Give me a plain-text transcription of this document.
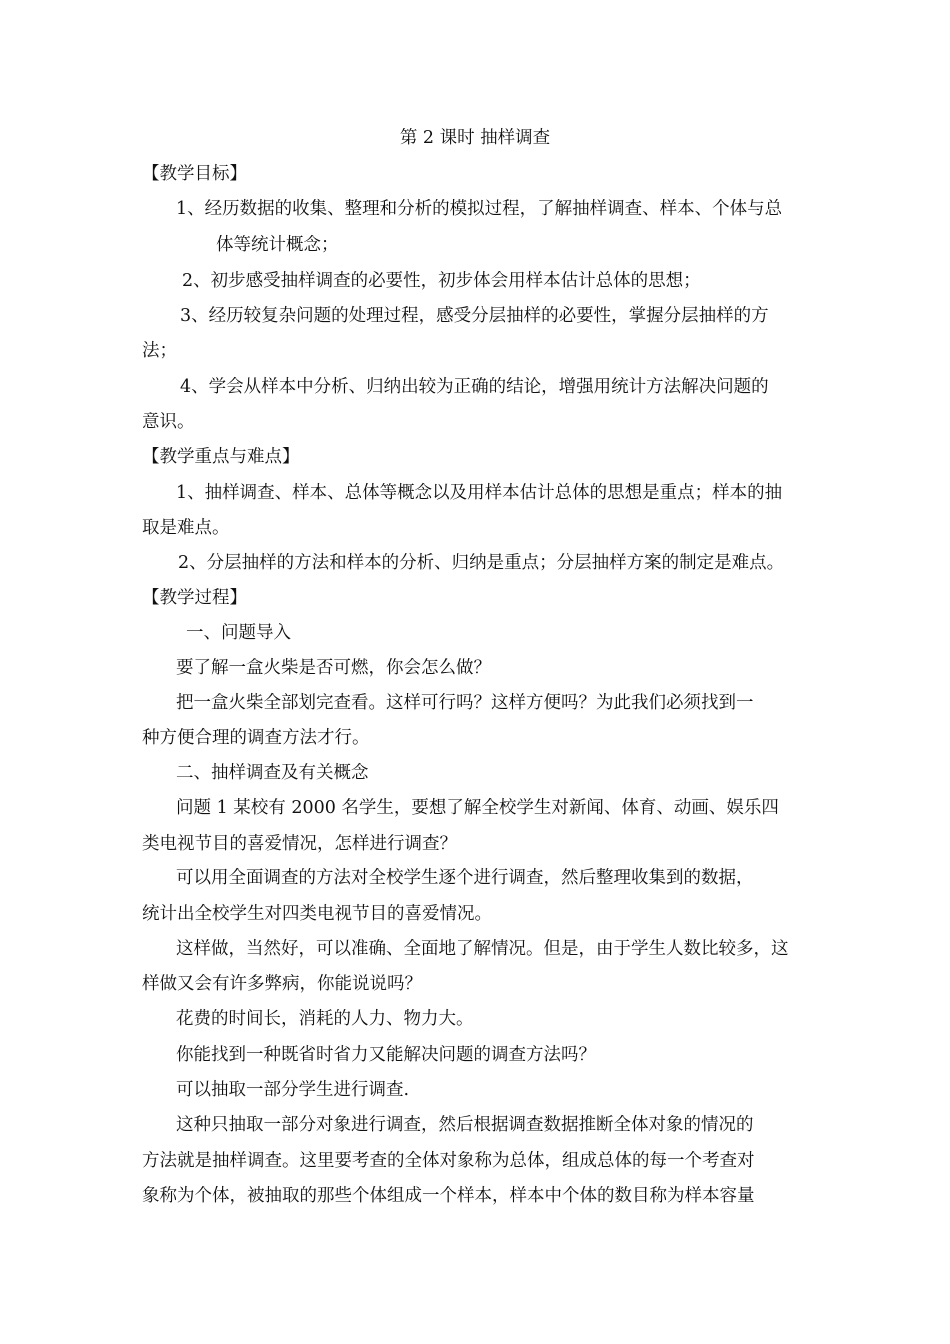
第 2 课时 抽样调查
【教学目标】
1、经历数据的收集、整理和分析的模拟过程，了解抽样调查、样本、个体与总
体等统计概念；
2、初步感受抽样调查的必要性，初步体会用样本估计总体的思想；
3、经历较复杂问题的处理过程，感受分层抽样的必要性，掌握分层抽样的方
法；
4、学会从样本中分析、归纳出较为正确的结论，增强用统计方法解决问题的
意识。
【教学重点与难点】
1、抽样调查、样本、总体等概念以及用样本估计总体的思想是重点；样本的抽
取是难点。
2、分层抽样的方法和样本的分析、归纳是重点；分层抽样方案的制定是难点。
【教学过程】
一、问题导入
要了解一盒火柴是否可燃，你会怎么做？
把一盒火柴全部划完查看。这样可行吗？这样方便吗？为此我们必须找到一
种方便合理的调查方法才行。
二、抽样调查及有关概念
问题 1 某校有 2000 名学生，要想了解全校学生对新闻、体育、动画、娱乐四
类电视节目的喜爱情况，怎样进行调查？
可以用全面调查的方法对全校学生逐个进行调查，然后整理收集到的数据，
统计出全校学生对四类电视节目的喜爱情况。
这样做，当然好，可以准确、全面地了解情况。但是，由于学生人数比较多，这
样做又会有许多弊病，你能说说吗？
花费的时间长，消耗的人力、物力大。
你能找到一种既省时省力又能解决问题的调查方法吗？
可以抽取一部分学生进行调查.
这种只抽取一部分对象进行调查，然后根据调查数据推断全体对象的情况的
方法就是抽样调查。这里要考查的全体对象称为总体，组成总体的每一个考查对
象称为个体，被抽取的那些个体组成一个样本，样本中个体的数目称为样本容量
